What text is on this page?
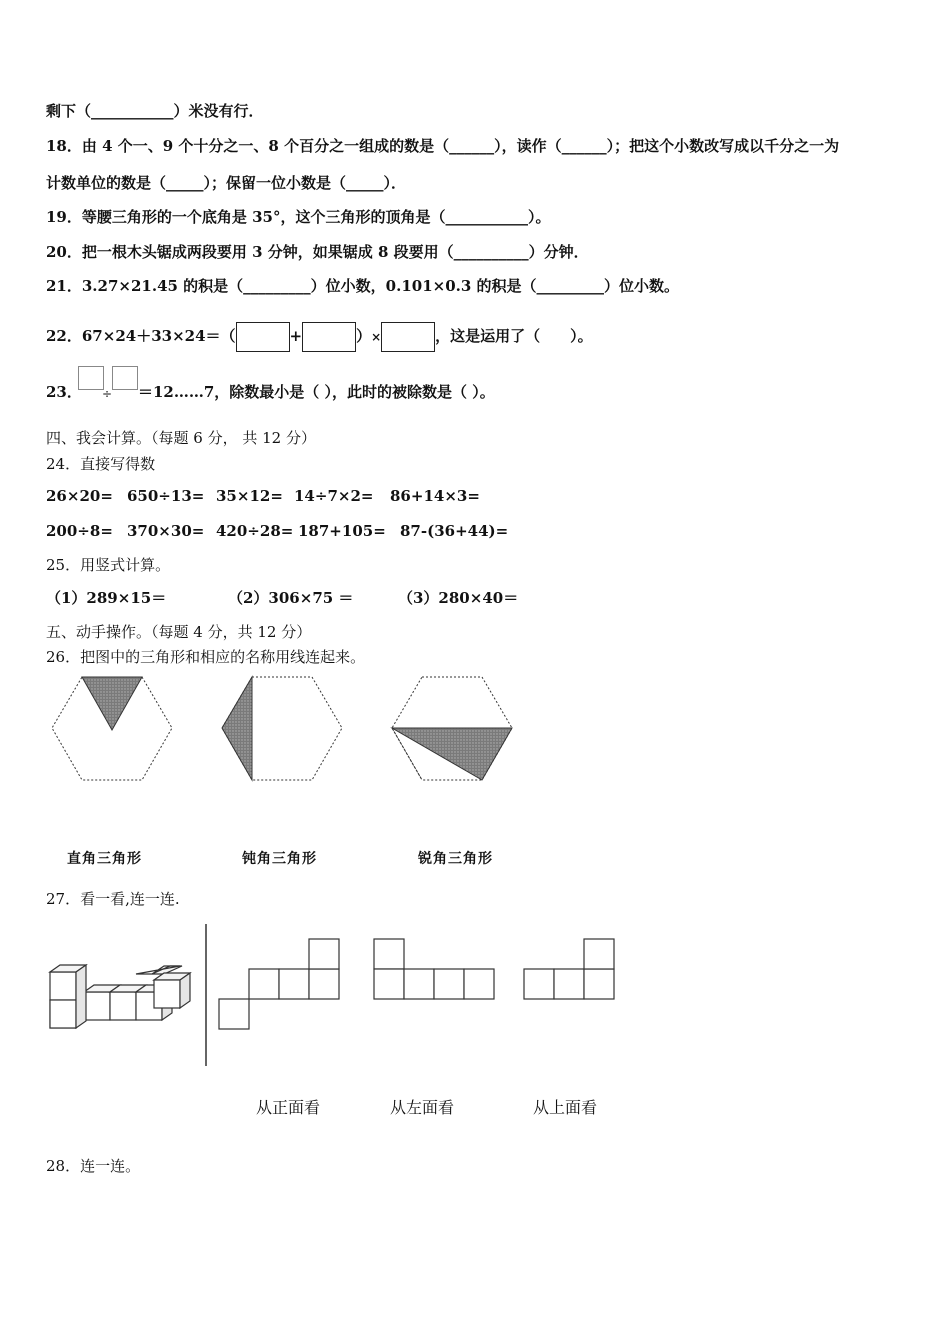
剩下（___________）米没有行．
18．由 4 个一、9 个十分之一、8 个百分之一组成的数是（______），读作（______）；把这个小数改写成以千分之一为
计数单位的数是（_____）；保留一位小数是（_____）．
19．等腰三角形的一个底角是 35°，这个三角形的顶角是（___________）。
20．把一根木头锯成两段要用 3 分钟，如果锯成 8 段要用（__________）分钟．
21．3.27×21.45 的积是（_________）位小数，0.101×0.3 的积是（_________）位小数。
22．67×24＋33×24＝（	+	）×	，这是运用了（　　）。
23． ÷ ＝12……7，除数最小是（ ），此时的被除数是（ ）。
四、我会计算。（每题 6 分， 共 12 分）
24．直接写得数
26×20= 650÷13= 35×12= 14÷7×2= 86+14×3=
200÷8= 370×30= 420÷28= 187+105= 87-(36+44)=
25．用竖式计算。
（1）289×15＝	（2）306×75 ＝	（3）280×40＝
五、动手操作。（每题 4 分，共 12 分）
26．把图中的三角形和相应的名称用线连起来。
直角三角形	钝角三角形	锐角三角形
27．看一看,连一连.
从正面看	从左面看	从上面看
28．连一连。
